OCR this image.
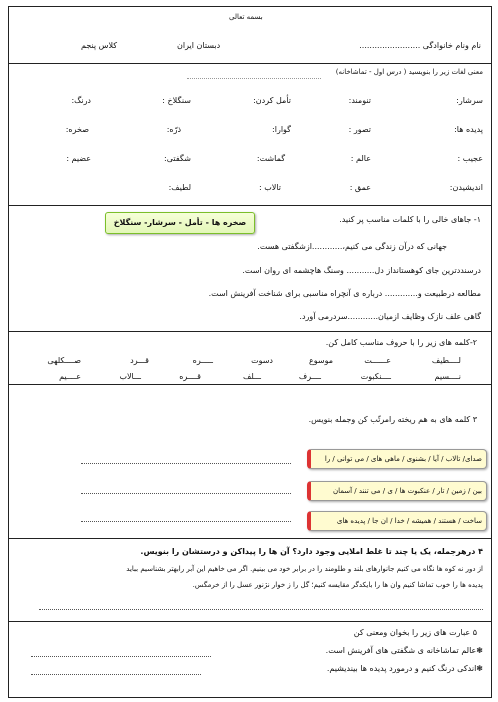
بسمه تعالی
نام ونام خانوادگی ........................
دبستان ایران
کلاس پنجم
معنی لغات زیر را بنویسید ( درس اول - تماشاخانه)
سرشار:
تنومند:
تأمل کردن:
سنگلاخ :
درنگ:
پدیده ها:
تصور :
گوارا:
ذرّه:
صخره:
عجیب :
عالم :
گماشت:
شگفتی:
عضیم :
اندیشیدن:
عمق :
تالاب :
لطیف:
۱- جاهای خالی را با کلمات مناسب پر کنید.
صخره ها - تأمل - سرشار- سنگلاخ
جهانی که درآن زندگی می کنیم،............ازشگفتی هست.
درسنددترین جای کوهستانداز دل........... وسنگ هاچشمه ای روان است.
مطالعه درطبیعت و............. درباره ی آنچراه مناسبی برای شناخت آفرینش است.
گاهی علف نازک وظایف ازمیان............سردرمی آورد.
۲-کلمه های زیر را با حروف مناسب کامل کن.
لــــطیف
عــــــت
موسوع
دسوت
ـــــره
قـــرد
صــــکلهی
نــــسیم
ــــنکبوت
ــــرف
ـــلف
قــــره
ـــالاب
عــــیم
۳ کلمه های به هم ریخته رامرتّب کن وجمله بنویس.
صدای/ تالاب / آیا / بشنوی / ماهی های / می توانی / را
بین / زمین / تار / عنکبوت ها / ی / می تنند / آسمان
ساخت / هستند / همیشه / خدا / ان جا / پدیده های
۴ درهرجمله، یک یا چند تا غلط املایی وجود دارد؟ آن ها را پیداکن و درستشان را بنویس.
از دور نه کوه ها نگاه می کنیم جانوارهای بلند و طلومند را در برابر خود می بینیم. اگر می خاهیم این آبر رابهتر بشناسیم بباید
پدیده ها را خوب تماشا کنیم وان ها را بایکدگر مقایسه کنیم؛ گل را ز خوار نژنور عسل را از خرمگس.
۵ عبارت های زیر را بخوان ومعنی کن
❃عالم تماشاخانه ی شگفتی های آفرینش است.
❃اندکی درنگ کنیم و درمورد پدیده ها بیندیشیم.
